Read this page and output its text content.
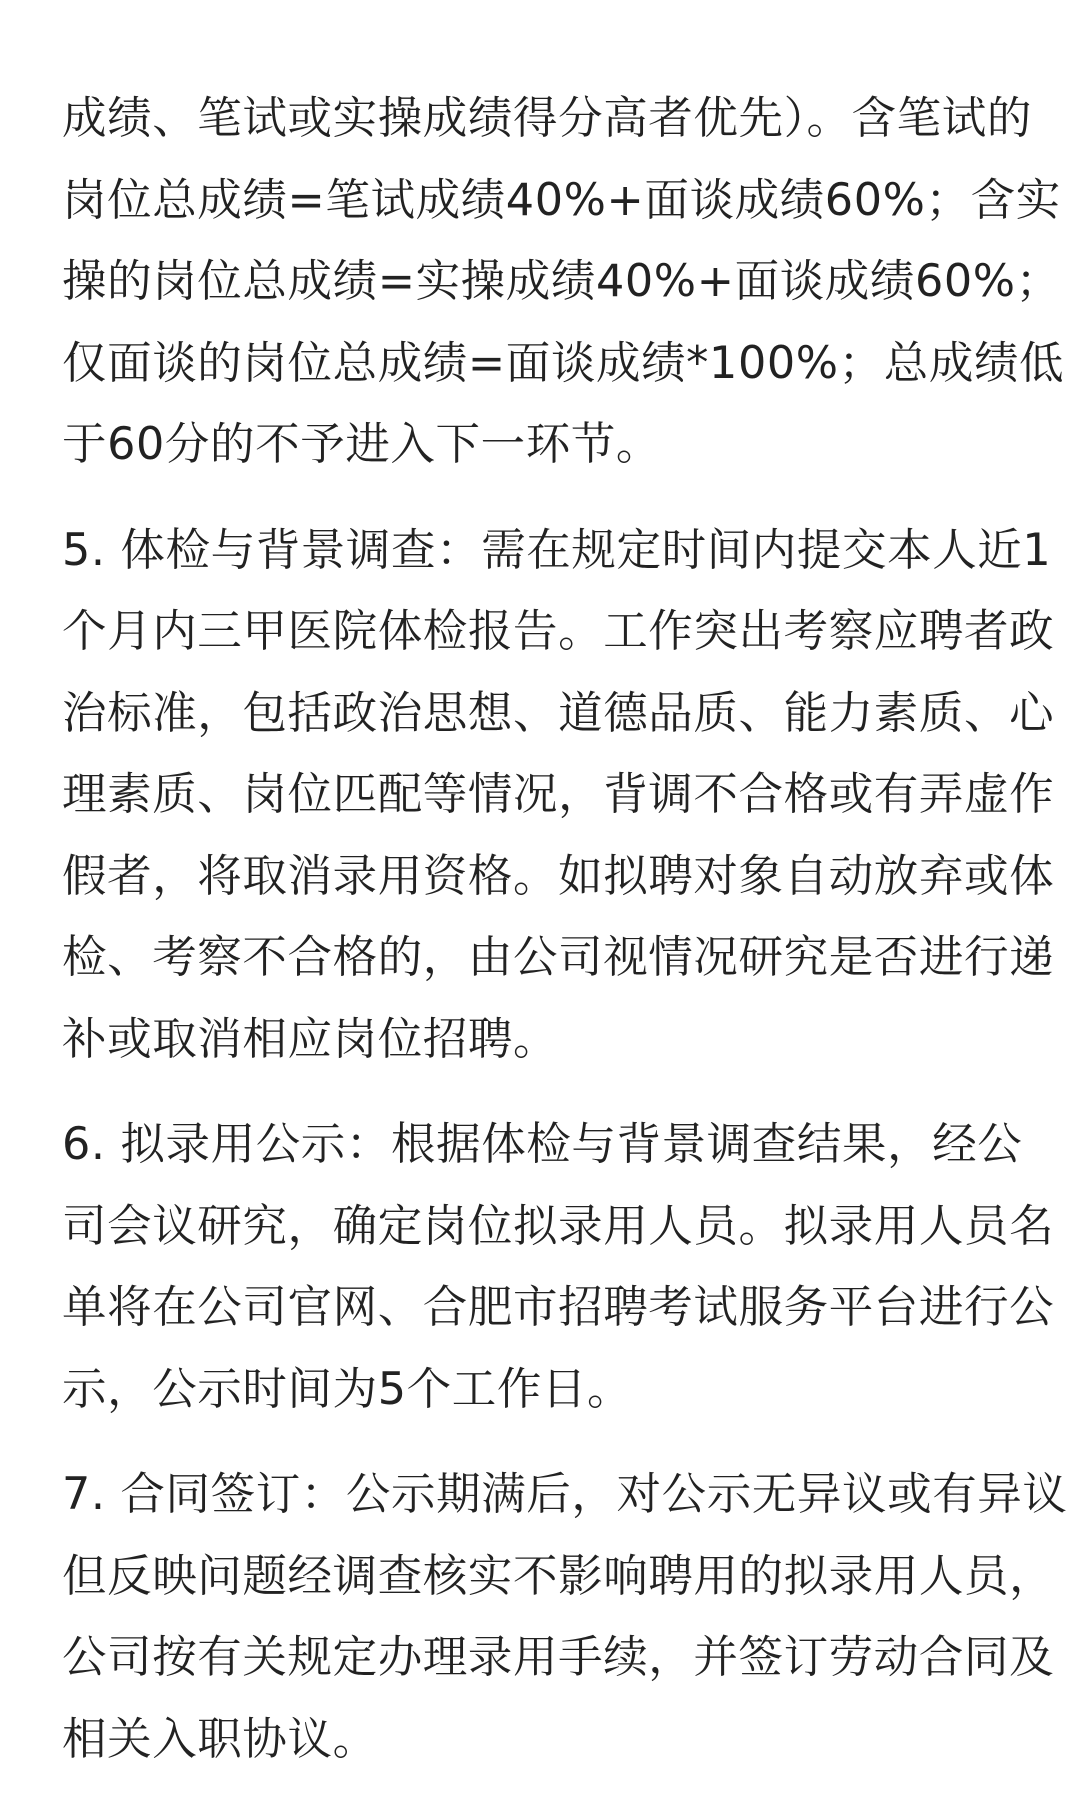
成绩、笔试或实操成绩得分高者优先）。含笔试的
岗位总成绩=笔试成绩40%+面谈成绩60%；含实
操的岗位总成绩=实操成绩40%+面谈成绩60%；
仅面谈的岗位总成绩=面谈成绩*100%；总成绩低
于60分的不予进入下一环节。

5. 体检与背景调查：需在规定时间内提交本人近1
个月内三甲医院体检报告。工作突出考察应聘者政
治标准，包括政治思想、道德品质、能力素质、心
理素质、岗位匹配等情况，背调不合格或有弄虚作
假者，将取消录用资格。如拟聘对象自动放弃或体
检、考察不合格的，由公司视情况研究是否进行递
补或取消相应岗位招聘。

6. 拟录用公示：根据体检与背景调查结果，经公
司会议研究，确定岗位拟录用人员。拟录用人员名
单将在公司官网、合肥市招聘考试服务平台进行公
示，公示时间为5个工作日。

7. 合同签订：公示期满后，对公示无异议或有异议
但反映问题经调查核实不影响聘用的拟录用人员，
公司按有关规定办理录用手续，并签订劳动合同及
相关入职协议。
